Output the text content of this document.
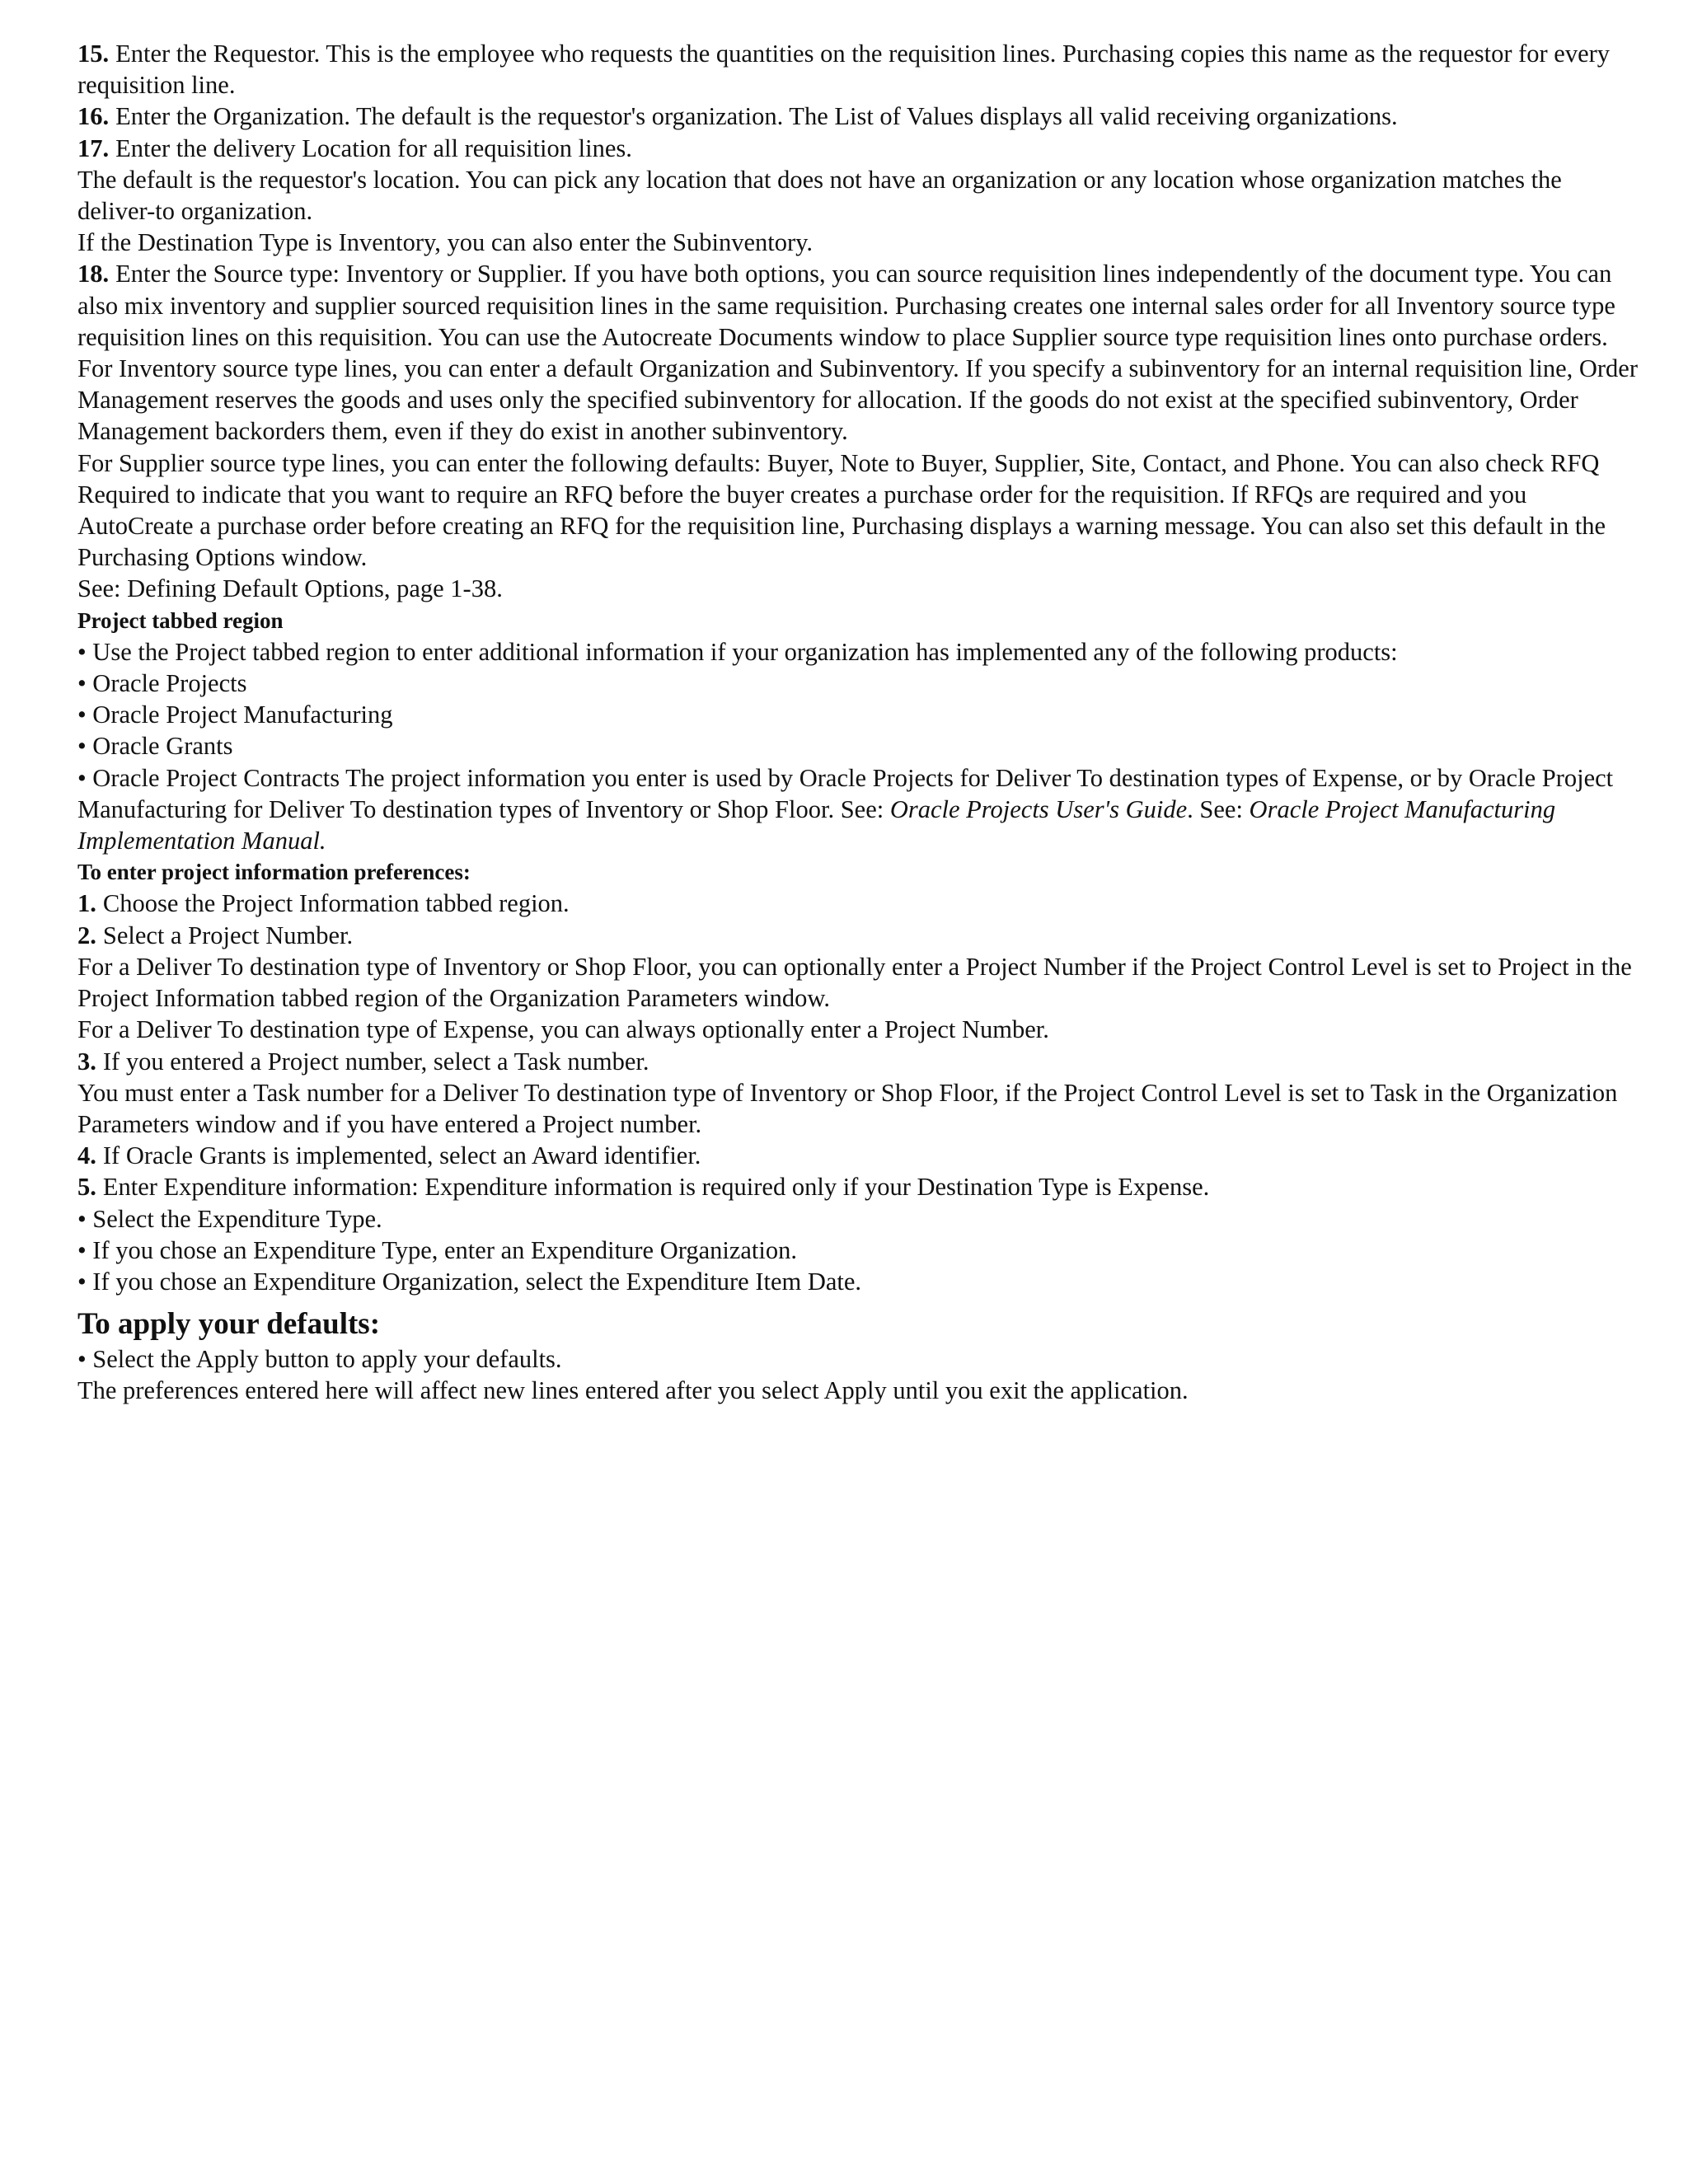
15. Enter the Requestor. This is the employee who requests the quantities on the requisition lines. Purchasing copies this name as the requestor for every requisition line.

16. Enter the Organization. The default is the requestor's organization. The List of Values displays all valid receiving organizations.

17. Enter the delivery Location for all requisition lines.

The default is the requestor's location. You can pick any location that does not have an organization or any location whose organization matches the deliver-to organization.

If the Destination Type is Inventory, you can also enter the Subinventory.

18. Enter the Source type: Inventory or Supplier. If you have both options, you can source requisition lines independently of the document type. You can also mix inventory and supplier sourced requisition lines in the same requisition. Purchasing creates one internal sales order for all Inventory source type requisition lines on this requisition. You can use the Autocreate Documents window to place Supplier source type requisition lines onto purchase orders.

For Inventory source type lines, you can enter a default Organization and Subinventory. If you specify a subinventory for an internal requisition line, Order Management reserves the goods and uses only the specified subinventory for allocation. If the goods do not exist at the specified subinventory, Order Management backorders them, even if they do exist in another subinventory.

For Supplier source type lines, you can enter the following defaults: Buyer, Note to Buyer, Supplier, Site, Contact, and Phone. You can also check RFQ Required to indicate that you want to require an RFQ before the buyer creates a purchase order for the requisition. If RFQs are required and you AutoCreate a purchase order before creating an RFQ for the requisition line, Purchasing displays a warning message. You can also set this default in the Purchasing Options window.

See: Defining Default Options, page 1-38.

Project tabbed region

• Use the Project tabbed region to enter additional information if your organization has implemented any of the following products:

• Oracle Projects

• Oracle Project Manufacturing

• Oracle Grants

• Oracle Project Contracts The project information you enter is used by Oracle Projects for Deliver To destination types of Expense, or by Oracle Project Manufacturing for Deliver To destination types of Inventory or Shop Floor. See: Oracle Projects User's Guide. See: Oracle Project Manufacturing Implementation Manual.

To enter project information preferences:

1. Choose the Project Information tabbed region.

2. Select a Project Number.

For a Deliver To destination type of Inventory or Shop Floor, you can optionally enter a Project Number if the Project Control Level is set to Project in the Project Information tabbed region of the Organization Parameters window.

For a Deliver To destination type of Expense, you can always optionally enter a Project Number.

3. If you entered a Project number, select a Task number.

You must enter a Task number for a Deliver To destination type of Inventory or Shop Floor, if the Project Control Level is set to Task in the Organization Parameters window and if you have entered a Project number.

4. If Oracle Grants is implemented, select an Award identifier.

5. Enter Expenditure information: Expenditure information is required only if your Destination Type is Expense.

• Select the Expenditure Type.

• If you chose an Expenditure Type, enter an Expenditure Organization.

• If you chose an Expenditure Organization, select the Expenditure Item Date.

To apply your defaults:

• Select the Apply button to apply your defaults.

The preferences entered here will affect new lines entered after you select Apply until you exit the application.
